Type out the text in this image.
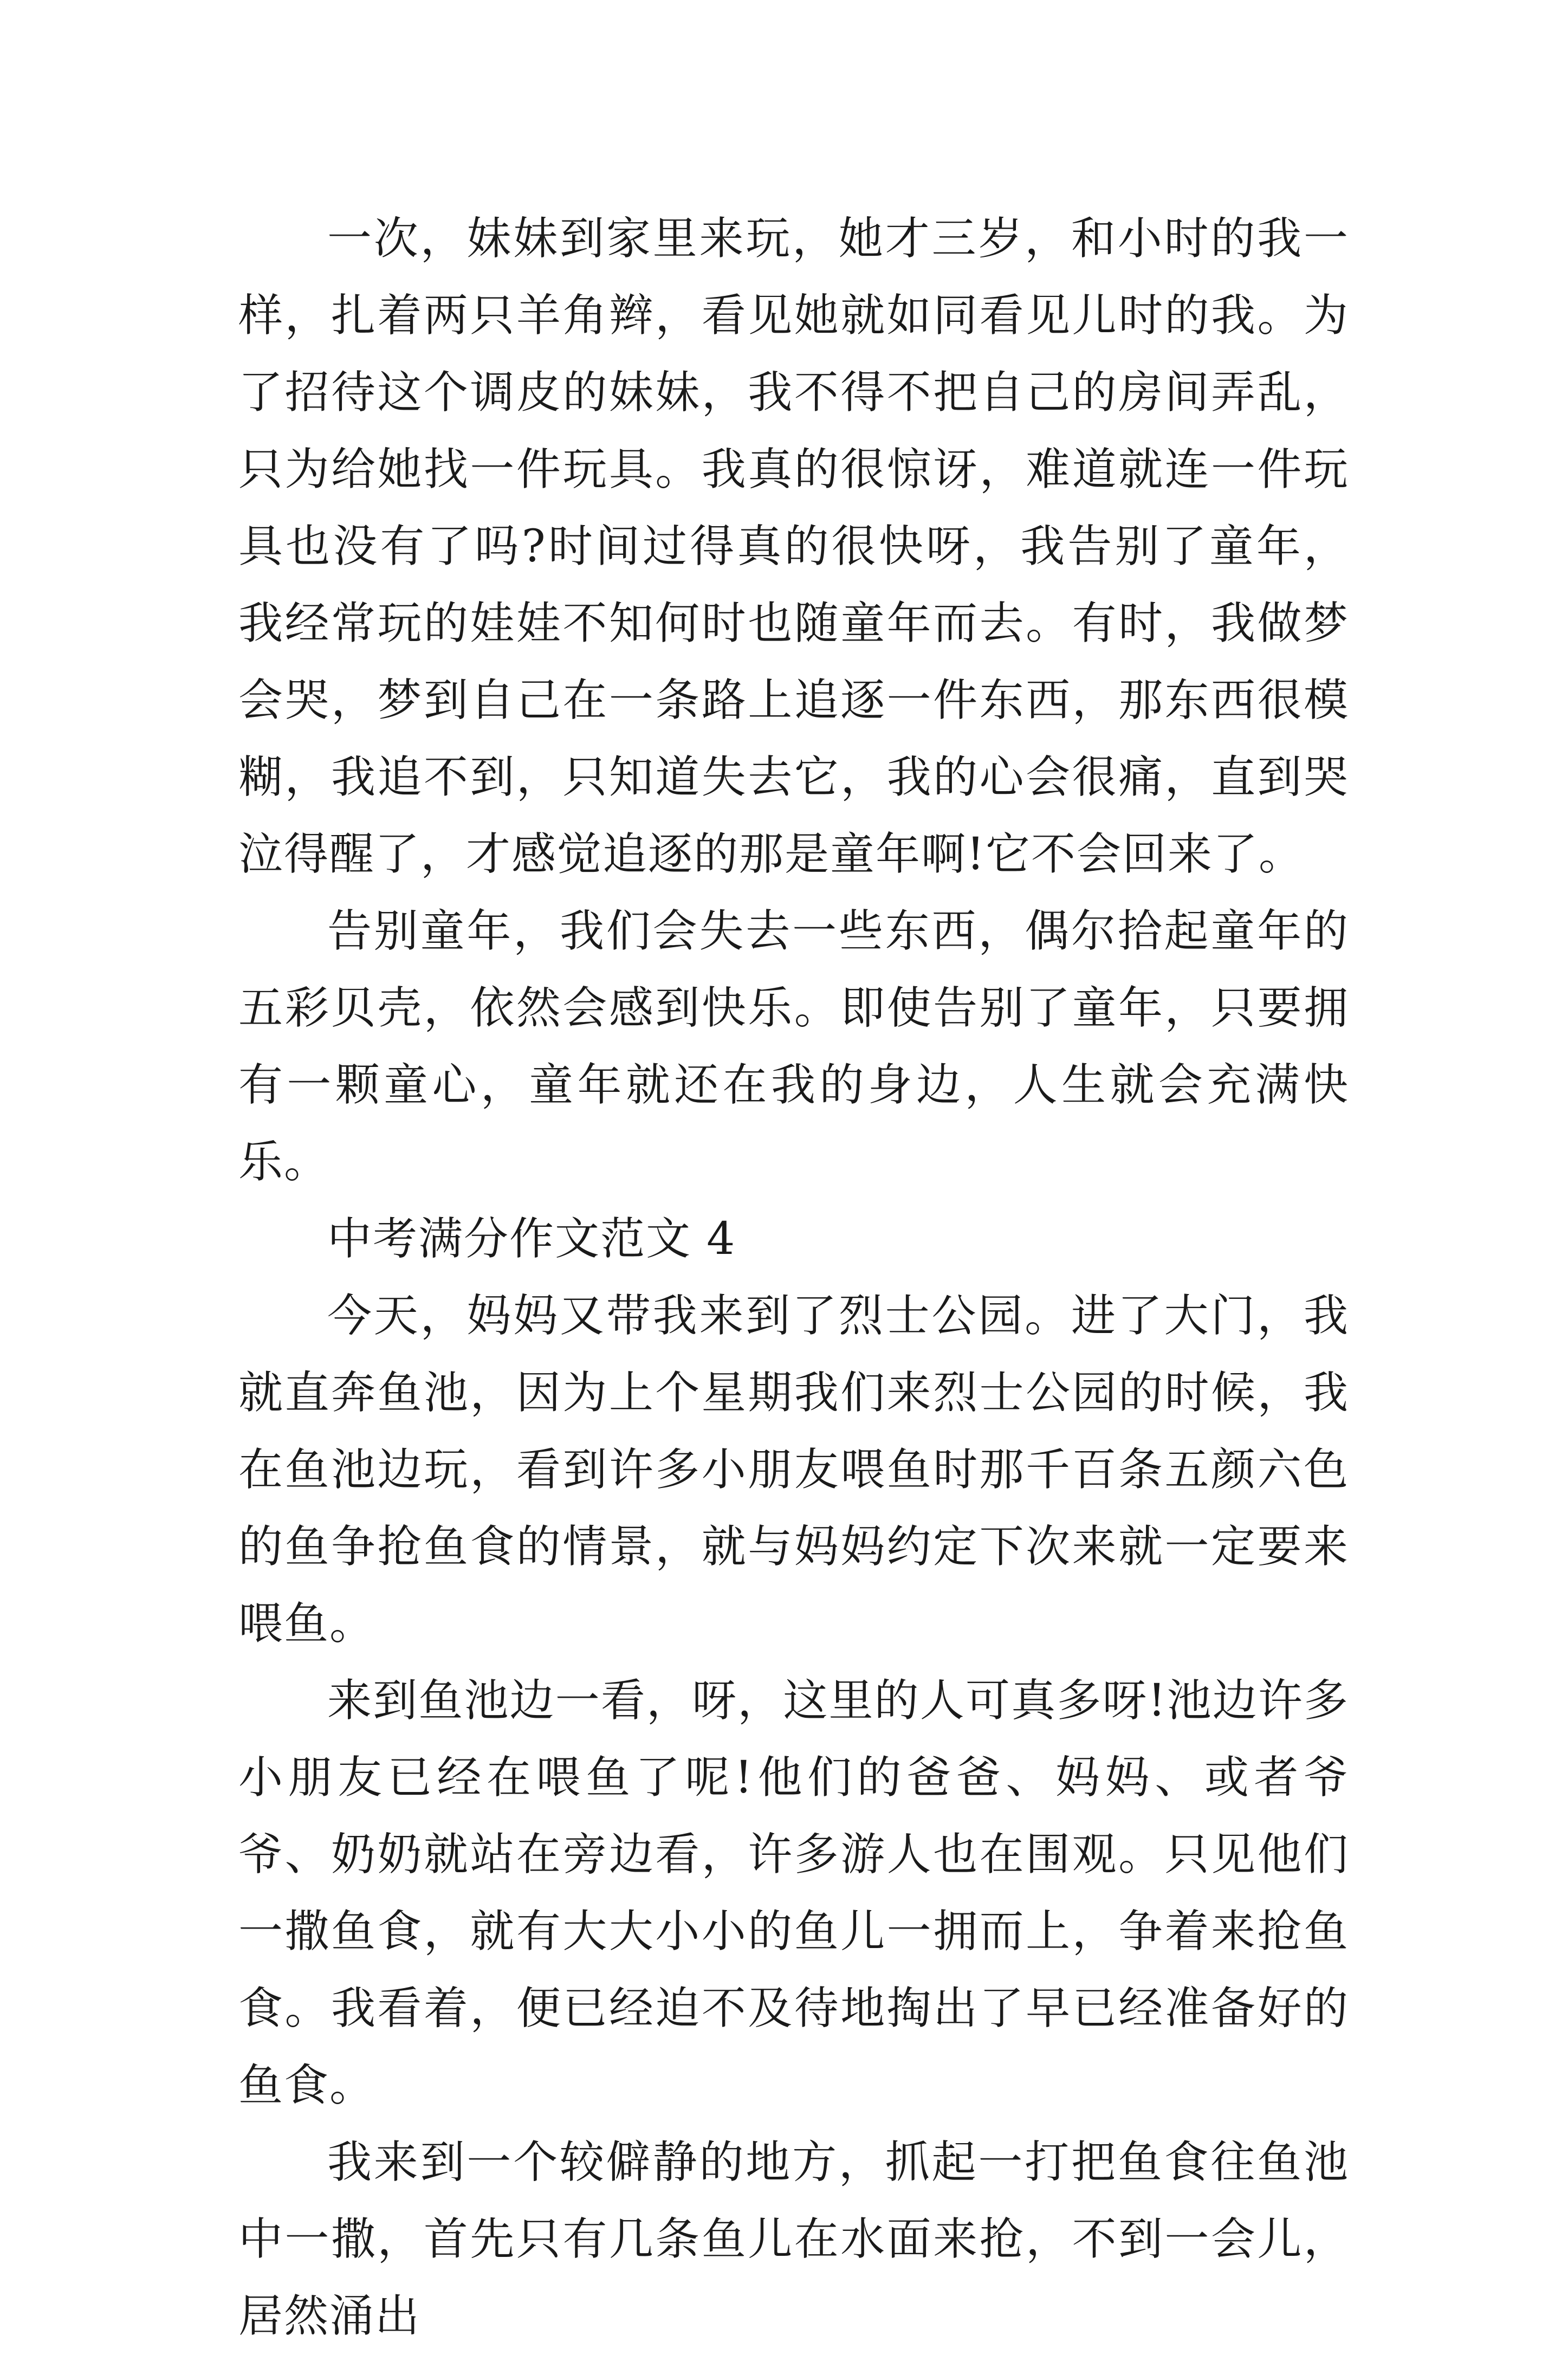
一次，妹妹到家里来玩，她才三岁，和小时的我一样，扎着两只羊角辫，看见她就如同看见儿时的我。为了招待这个调皮的妹妹，我不得不把自己的房间弄乱，只为给她找一件玩具。我真的很惊讶，难道就连一件玩具也没有了吗?时间过得真的很快呀，我告别了童年，我经常玩的娃娃不知何时也随童年而去。有时，我做梦会哭，梦到自己在一条路上追逐一件东西，那东西很模糊，我追不到，只知道失去它，我的心会很痛，直到哭泣得醒了，才感觉追逐的那是童年啊!它不会回来了。

告别童年，我们会失去一些东西，偶尔拾起童年的五彩贝壳，依然会感到快乐。即使告别了童年，只要拥有一颗童心，童年就还在我的身边，人生就会充满快乐。

中考满分作文范文 4

今天，妈妈又带我来到了烈士公园。进了大门，我就直奔鱼池，因为上个星期我们来烈士公园的时候，我在鱼池边玩，看到许多小朋友喂鱼时那千百条五颜六色的鱼争抢鱼食的情景，就与妈妈约定下次来就一定要来喂鱼。

来到鱼池边一看，呀，这里的人可真多呀!池边许多小朋友已经在喂鱼了呢!他们的爸爸、妈妈、或者爷爷、奶奶就站在旁边看，许多游人也在围观。只见他们一撒鱼食，就有大大小小的鱼儿一拥而上，争着来抢鱼食。我看着，便已经迫不及待地掏出了早已经准备好的鱼食。

我来到一个较僻静的地方，抓起一打把鱼食往鱼池中一撒，首先只有几条鱼儿在水面来抢，不到一会儿，居然涌出
